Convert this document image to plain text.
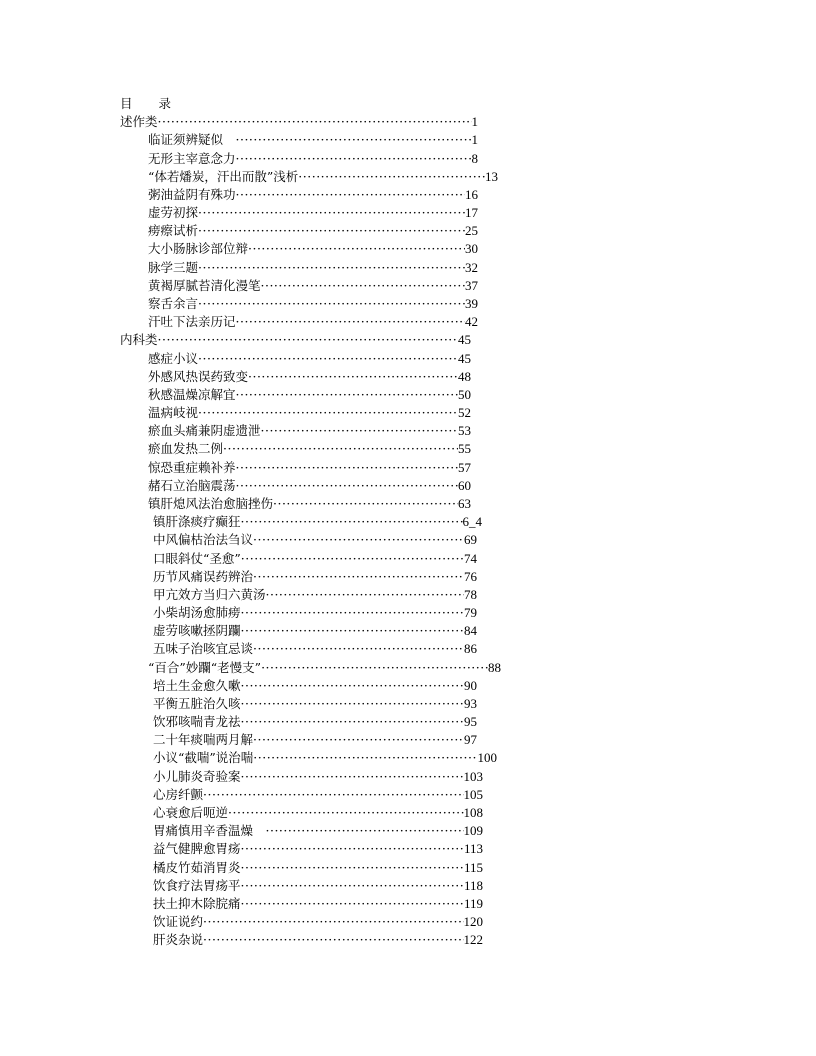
目 录
述作类 ·····	1
临证须辨疑似　 ·····	1
无形主宰意念力 ·····	8
“体若燔炭，汗出而散”浅析 ·····	13
粥油益阴有殊功 ·····	16
虚劳初探 ·····	17
痨瘵试析 ·····	25
大小肠脉诊部位辩 ·····	30
脉学三题 ·····	32
黄褐厚腻苔清化漫笔 ·····	37
察舌余言 ·····	39
汗吐下法亲历记 ·····	42
内科类 ·····	45
感症小议 ·····	45
外感风热误药致变 ·····	48
秋感温燥凉解宜 ·····	50
温病岐视 ·····	52
瘀血头痛兼阴虚遗泄 ·····	53
瘀血发热二例 ·····	55
惊恐重症赖补养 ·····	57
赭石立治脑震荡 ·····	60
镇肝熄风法治愈脑挫伤 ·····	63
镇肝涤痰疗癫狂 ·····	6_4
中风偏枯治法刍议 ·····	69
口眼斜仗“圣愈” ·····	74
历节风痛误药辨治 ·····	76
甲亢效方当归六黄汤 ·····	78
小柴胡汤愈肺痨 ·····	79
虚劳咳嗽拯阴躝 ·····	84
五味子治咳宜忌谈 ·····	86
“百合”妙躝“老慢支” ·····	88
培土生金愈久嗽 ·····	90
平衡五脏治久咳 ·····	93
饮邪咳喘青龙祛 ·····	95
二十年痰喘两月解 ·····	97
小议“截喘”说治喘 ·····	100
小儿肺炎奇验案 ·····	103
心房纤颤 ·····	105
心衰愈后呃逆 ·····	108
胃痛慎用辛香温燥　 ·····	109
益气健脾愈胃疡 ·····	113
橘皮竹茹消胃炎 ·····	115
饮食疗法胃疡平 ·····	118
扶土抑木除脘痛 ·····	119
饮证说约 ·····	120
肝炎杂说 ·····	122
